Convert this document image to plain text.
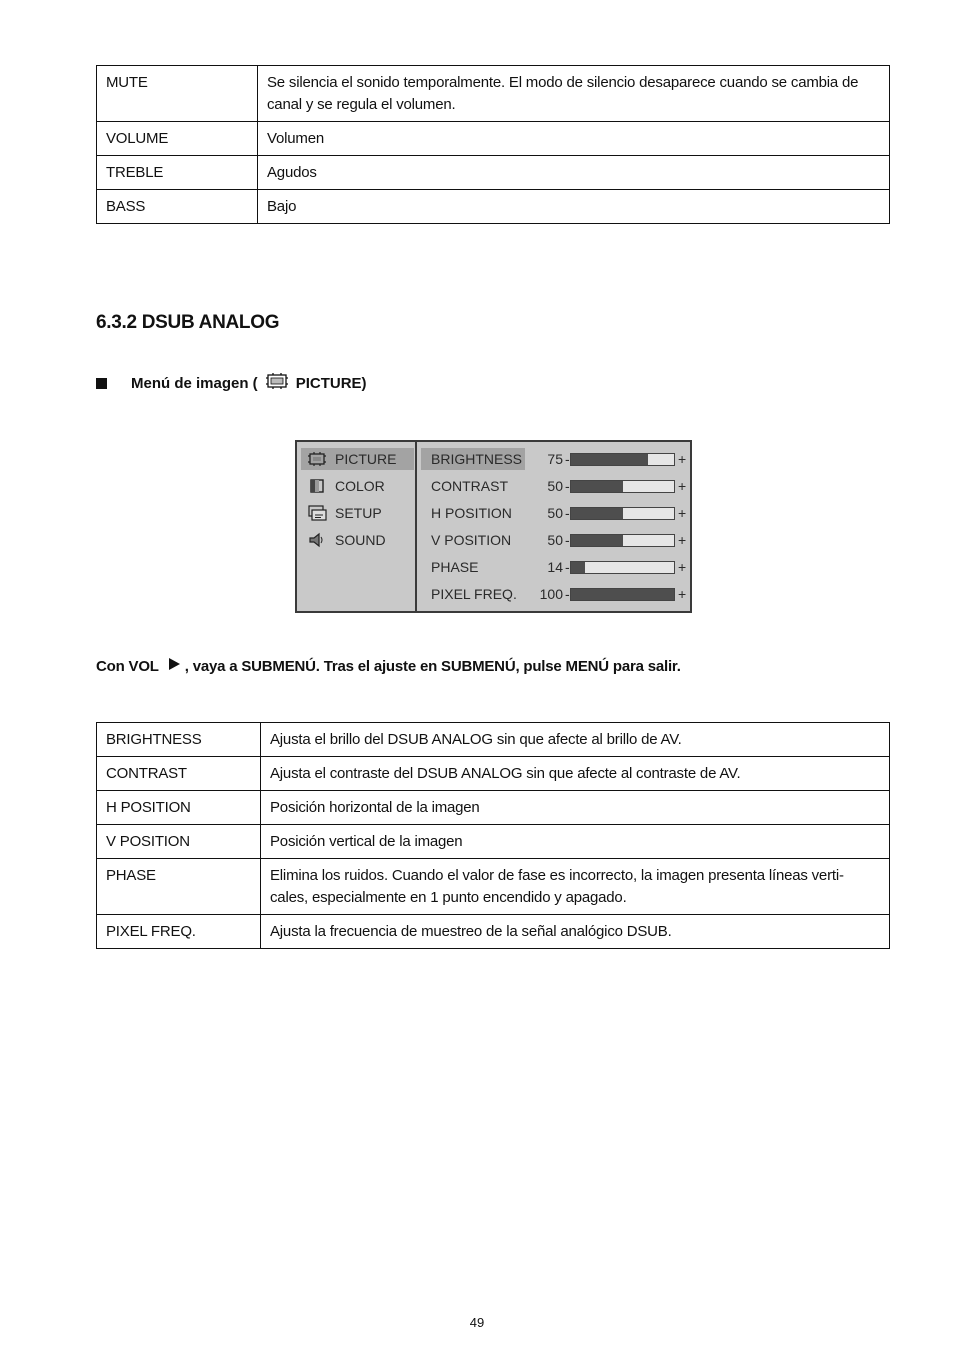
MUTE	Se silencia el sonido temporalmente. El modo de silencio desaparece cuando se cambia de canal y se regula el volumen.
VOLUME	Volumen
TREBLE	Agudos
BASS	Bajo
6.3.2 DSUB ANALOG
Menú de imagen (	PICTURE)
PICTURE
COLOR
SETUP
SOUND
BRIGHTNESS	75 -	+
CONTRAST	50 -	+
H POSITION	50 -	+
V POSITION	50 -	+
PHASE	14 -	+
PIXEL FREQ.	100 -	+
Con VOL , vaya a SUBMENÚ. Tras el ajuste en SUBMENÚ, pulse MENÚ para salir.
BRIGHTNESS	Ajusta el brillo del DSUB ANALOG sin que afecte al brillo de AV.
CONTRAST	Ajusta el contraste del DSUB ANALOG sin que afecte al contraste de AV.
H POSITION	Posición horizontal de la imagen
V POSITION	Posición vertical de la imagen
PHASE	Elimina los ruidos. Cuando el valor de fase es incorrecto, la imagen presenta líneas verti-cales, especialmente en 1 punto encendido y apagado.
PIXEL FREQ.	Ajusta la frecuencia de muestreo de la señal analógico DSUB.
49
